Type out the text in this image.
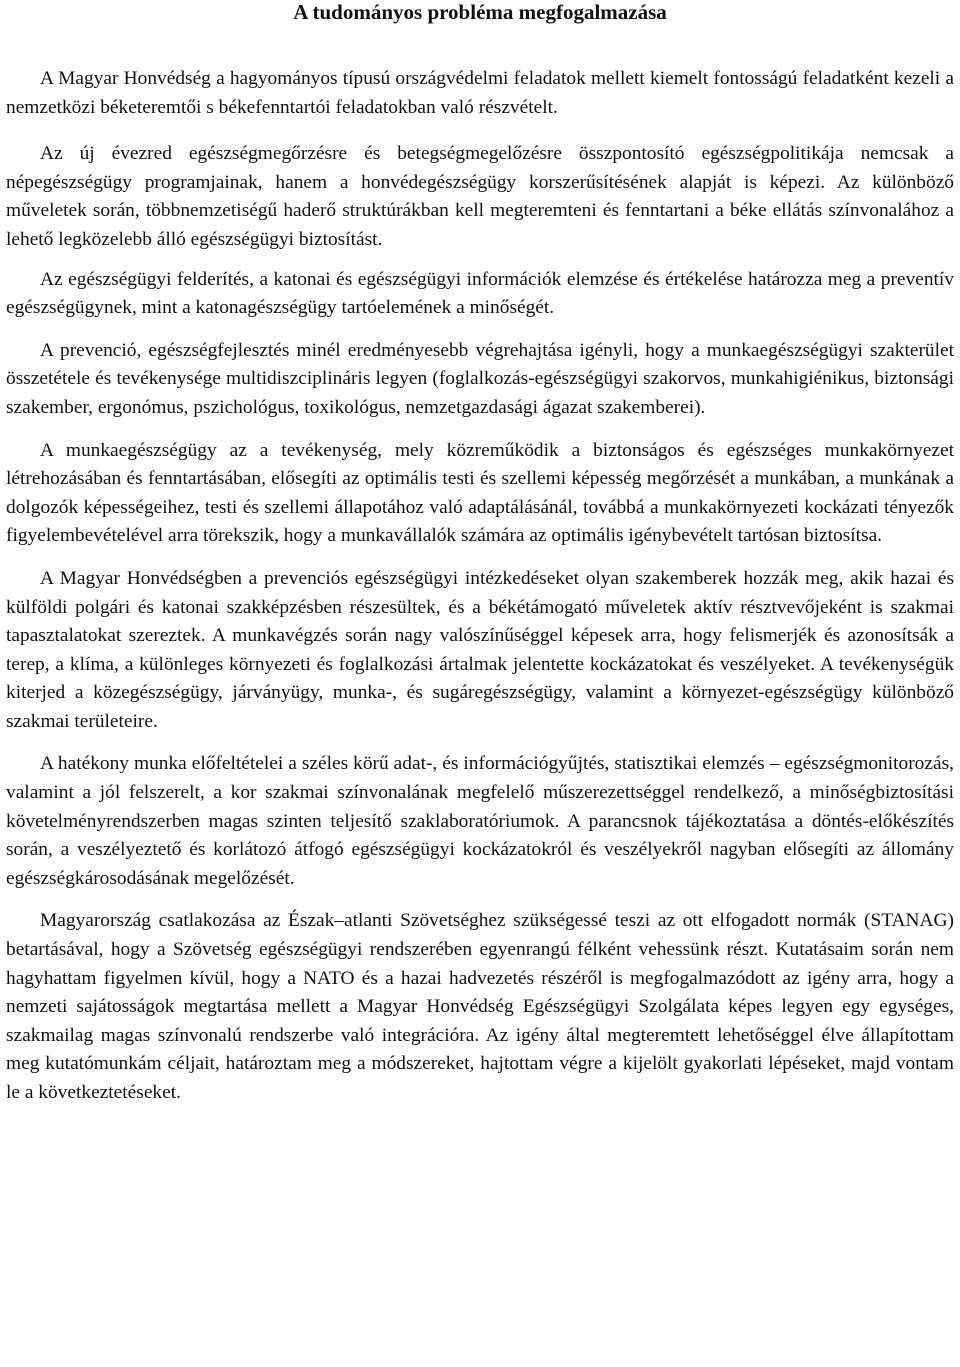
A tudományos probléma megfogalmazása

A Magyar Honvédség a hagyományos típusú országvédelmi feladatok mellett kiemelt fontosságú feladatként kezeli a nemzetközi béketeremtői s békefenntartói feladatokban való részvételt.

Az új évezred egészségmegőrzésre és betegségmegelőzésre összpontosító egészségpolitikája nemcsak a népegészségügy programjainak, hanem a honvédegészségügy korszerűsítésének alapját is képezi. Az különböző műveletek során, többnemzetiségű haderő struktúrákban kell megteremteni és fenntartani a béke ellátás színvonalához a lehető legközelebb álló egészségügyi biztosítást.

Az egészségügyi felderítés, a katonai és egészségügyi információk elemzése és értékelése határozza meg a preventív egészségügynek, mint a katonagészségügy tartóelemének a minőségét.

A prevenció, egészségfejlesztés minél eredményesebb végrehajtása igényli, hogy a munkaegészségügyi szakterület összetétele és tevékenysége multidiszciplináris legyen (foglalkozás-egészségügyi szakorvos, munkahigiénikus, biztonsági szakember, ergonómus, pszichológus, toxikológus, nemzetgazdasági ágazat szakemberei).

A munkaegészségügy az a tevékenység, mely közreműködik a biztonságos és egészséges munkakörnyezet létrehozásában és fenntartásában, elősegíti az optimális testi és szellemi képesség megőrzését a munkában, a munkának a dolgozók képességeihez, testi és szellemi állapotához való adaptálásánál, továbbá a munkakörnyezeti kockázati tényezők figyelembevételével arra törekszik, hogy a munkavállalók számára az optimális igénybevételt tartósan biztosítsa.

A Magyar Honvédségben a prevenciós egészségügyi intézkedéseket olyan szakemberek hozzák meg, akik hazai és külföldi polgári és katonai szakképzésben részesültek, és a békétámogató műveletek aktív résztvevőjeként is szakmai tapasztalatokat szereztek. A munkavégzés során nagy valószínűséggel képesek arra, hogy felismerjék és azonosítsák a terep, a klíma, a különleges környezeti és foglalkozási ártalmak jelentette kockázatokat és veszélyeket. A tevékenységük kiterjed a közegészségügy, járványügy, munka-, és sugáregészségügy, valamint a környezet-egészségügy különböző szakmai területeire.

A hatékony munka előfeltételei a széles körű adat-, és információgyűjtés, statisztikai elemzés – egészségmonitorozás, valamint a jól felszerelt, a kor szakmai színvonalának megfelelő műszerezettséggel rendelkező, a minőségbiztosítási követelményrendszerben magas szinten teljesítő szaklaboratóriumok. A parancsnok tájékoztatása a döntés-előkészítés során, a veszélyeztető és korlátozó átfogó egészségügyi kockázatokról és veszélyekről nagyban elősegíti az állomány egészségkárosodásának megelőzését.

Magyarország csatlakozása az Észak–atlanti Szövetséghez szükségessé teszi az ott elfogadott normák (STANAG) betartásával, hogy a Szövetség egészségügyi rendszerében egyenrangú félként vehessünk részt. Kutatásaim során nem hagyhattam figyelmen kívül, hogy a NATO és a hazai hadvezetés részéről is megfogalmazódott az igény arra, hogy a nemzeti sajátosságok megtartása mellett a Magyar Honvédség Egészségügyi Szolgálata képes legyen egy egységes, szakmailag magas színvonalú rendszerbe való integrációra. Az igény által megteremtett lehetőséggel élve állapítottam meg kutatómunkám céljait, határoztam meg a módszereket, hajtottam végre a kijelölt gyakorlati lépéseket, majd vontam le a következtetéseket.
